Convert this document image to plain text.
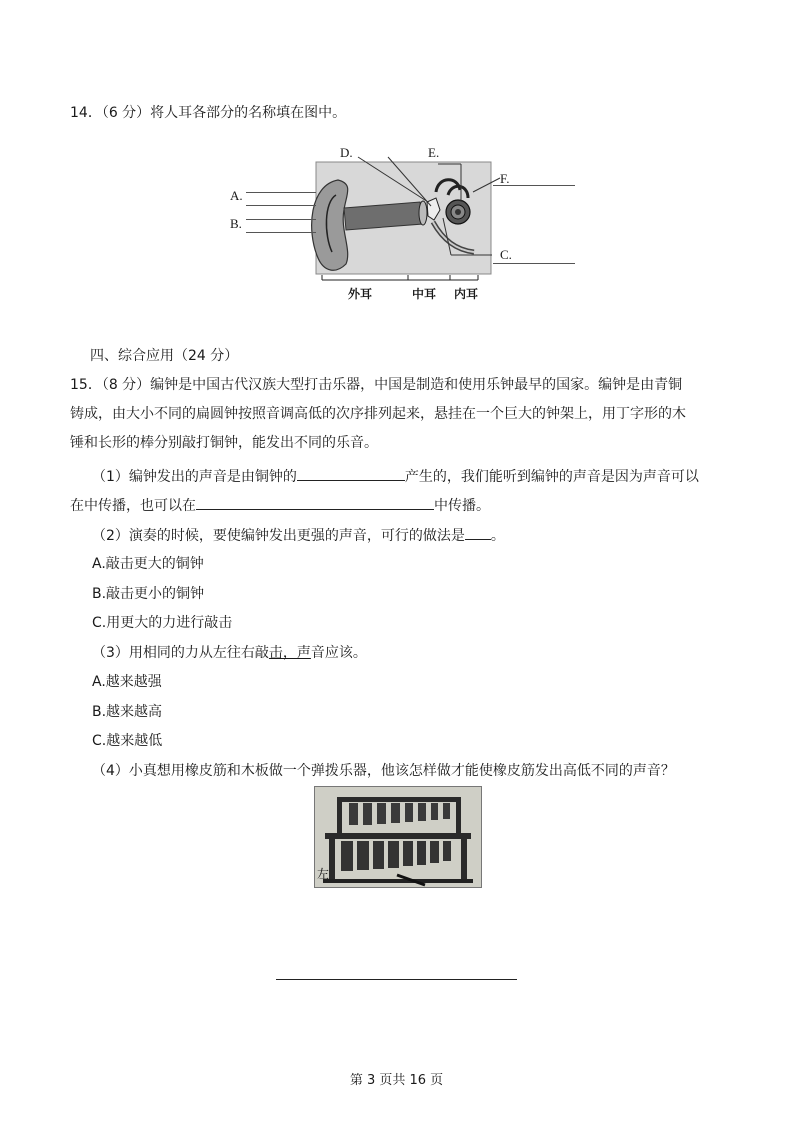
14．（6 分）将人耳各部分的名称填在图中。
A.
B.
D.	E.
F.
C.
外耳	中耳 内耳
四、综合应用（24 分）
15．（8 分）编钟是中国古代汉族大型打击乐器，中国是制造和使用乐钟最早的国家。编钟是由青铜
铸成，由大小不同的扁圆钟按照音调高低的次序排列起来，悬挂在一个巨大的钟架上，用丁字形的木
锤和长形的棒分别敲打铜钟，能发出不同的乐音。
（1）编钟发出的声音是由铜钟的	产生的，我们能听到编钟的声音是因为声音可以
在中传播，也可以在	中传播。
（2）演奏的时候，要使编钟发出更强的声音，可行的做法是 。
A.敲击更大的铜钟
B.敲击更小的铜钟
C.用更大的力进行敲击
（3）用相同的力从左往右敲击，声音应该。
A.越来越强
B.越来越高
C.越来越低
（4）小真想用橡皮筋和木板做一个弹拨乐器，他该怎样做才能使橡皮筋发出高低不同的声音？
左
第 3 页共 16 页
